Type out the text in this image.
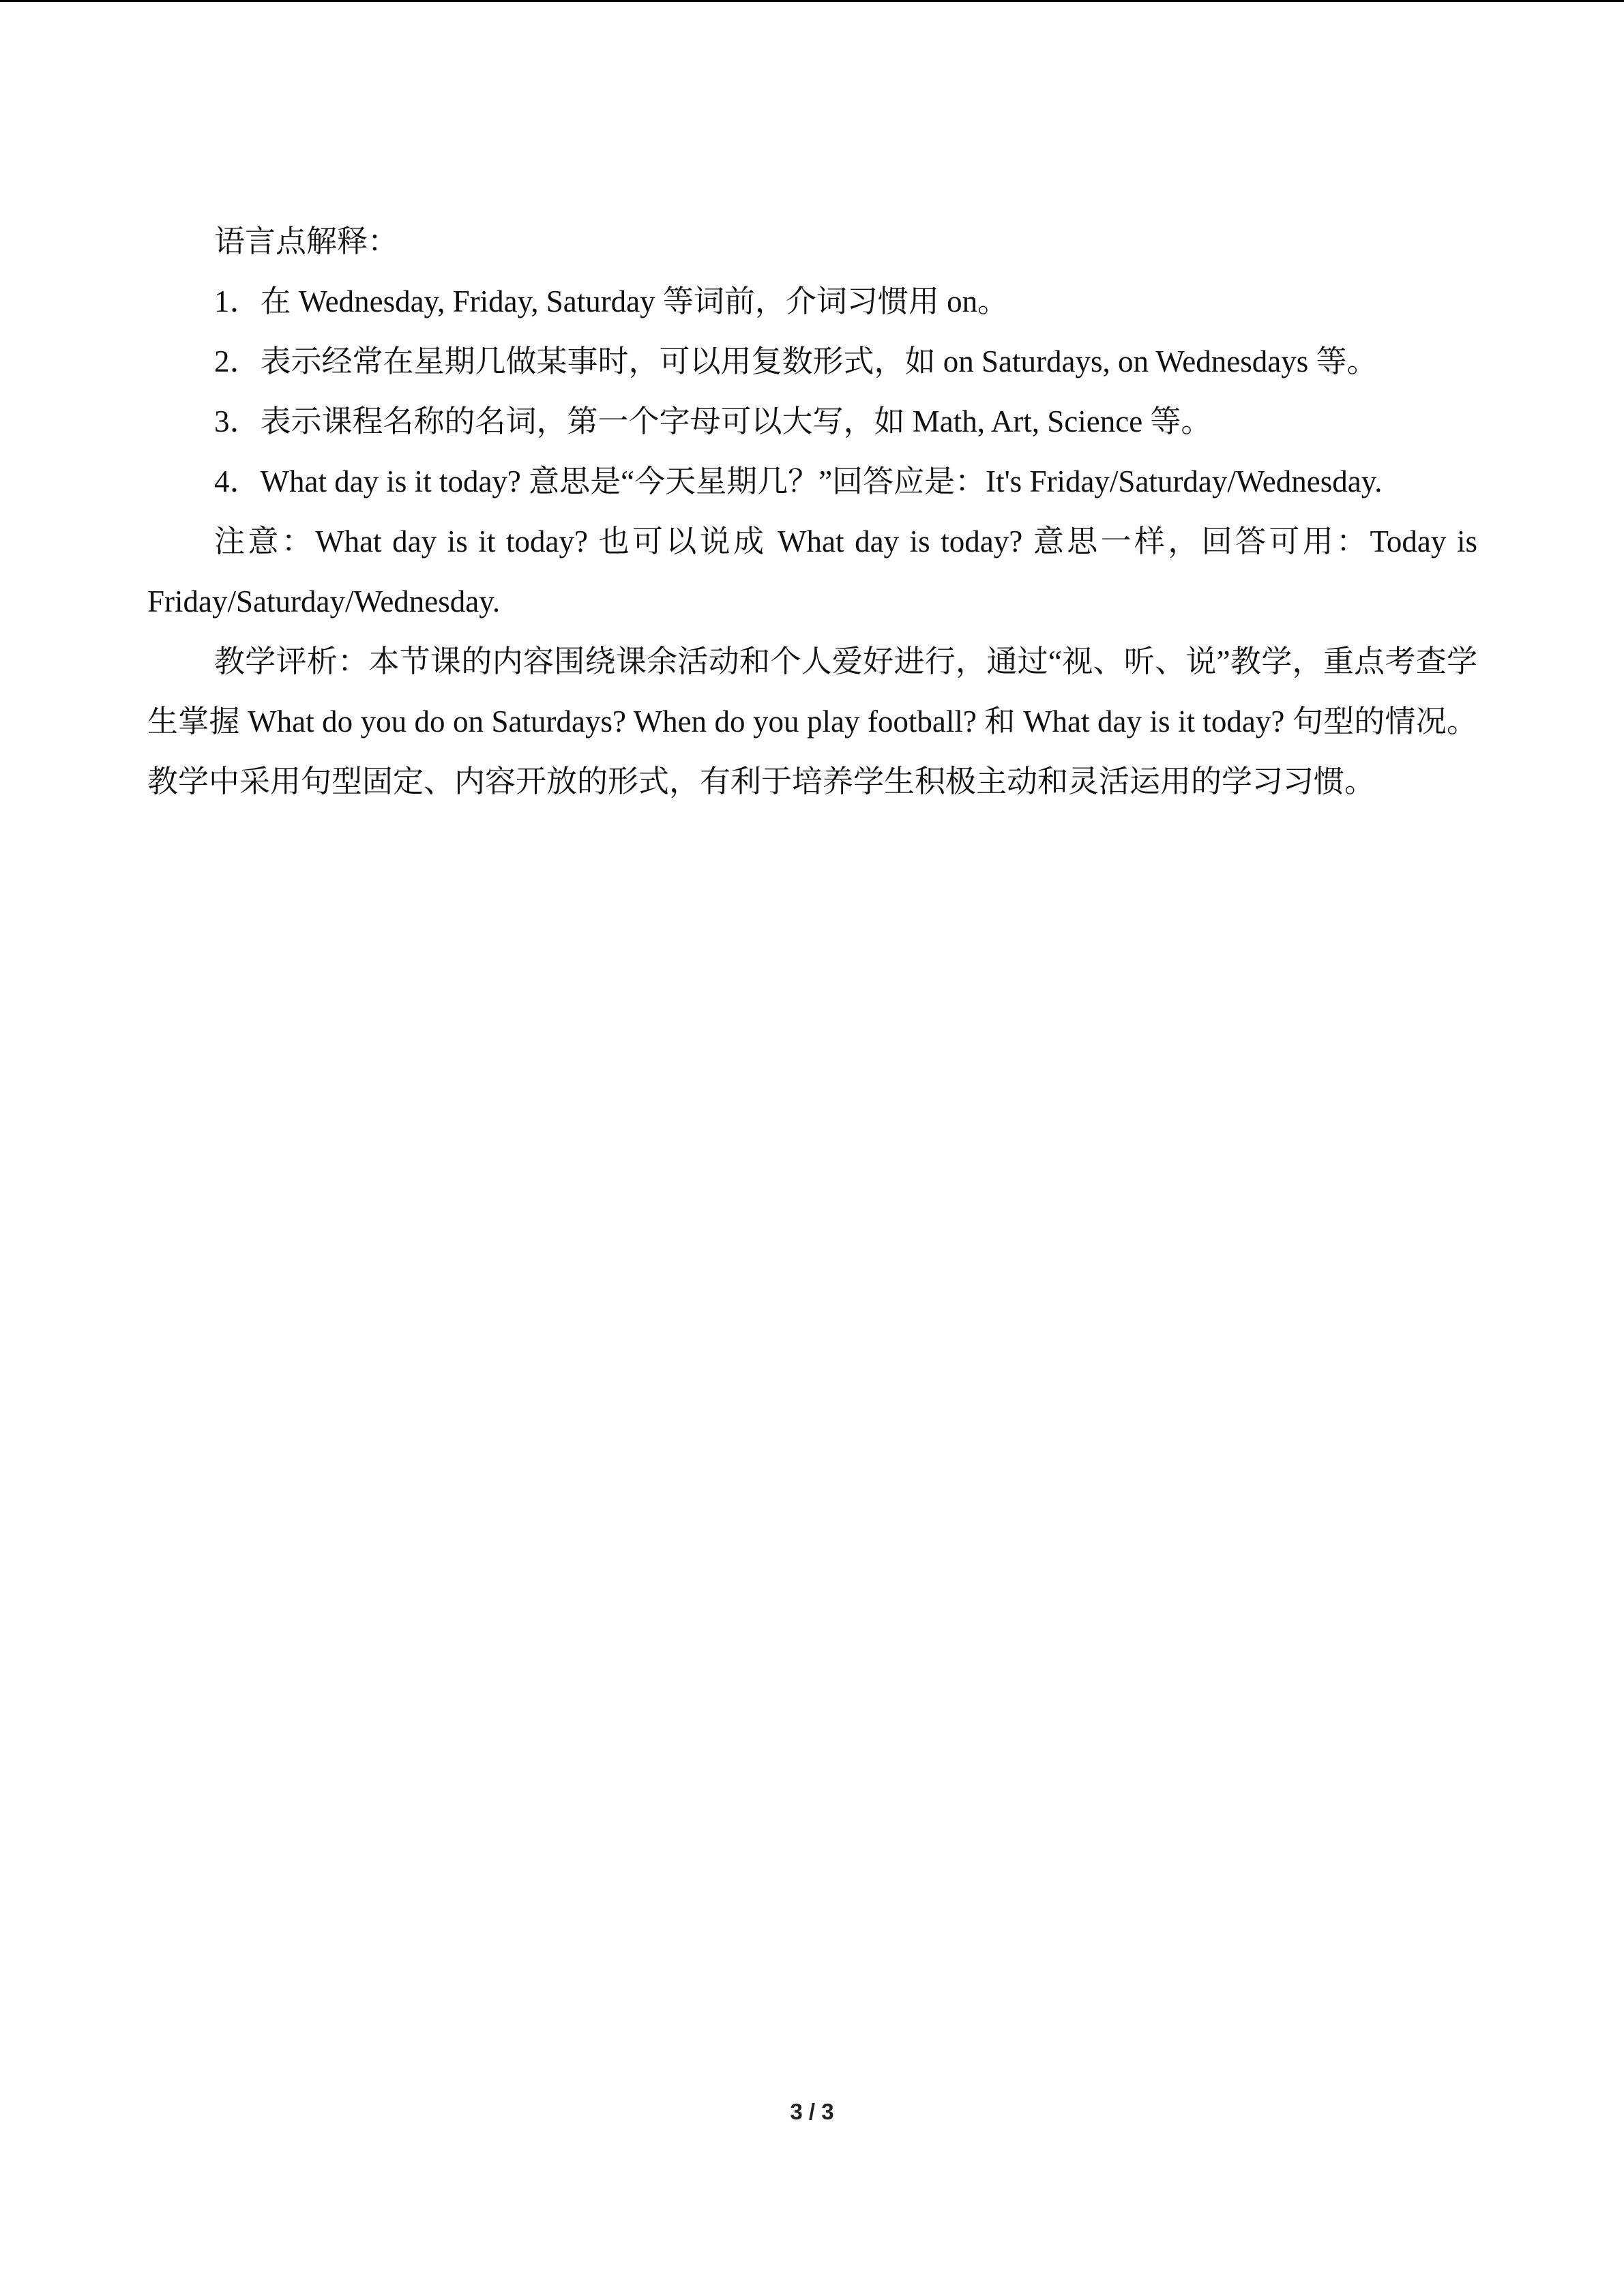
语言点解释：

1．在 Wednesday, Friday, Saturday 等词前，介词习惯用 on。

2．表示经常在星期几做某事时，可以用复数形式，如 on Saturdays, on Wednesdays 等。

3．表示课程名称的名词，第一个字母可以大写，如 Math, Art, Science 等。

4．What day is it today? 意思是“今天星期几？”回答应是：It's Friday/Saturday/Wednesday.

注意：What day is it today? 也可以说成 What day is today? 意思一样，回答可用：Today is Friday/Saturday/Wednesday.

教学评析：本节课的内容围绕课余活动和个人爱好进行，通过“视、听、说”教学，重点考查学生掌握 What do you do on Saturdays? When do you play football? 和 What day is it today? 句型的情况。教学中采用句型固定、内容开放的形式，有利于培养学生积极主动和灵活运用的学习习惯。

3 / 3
